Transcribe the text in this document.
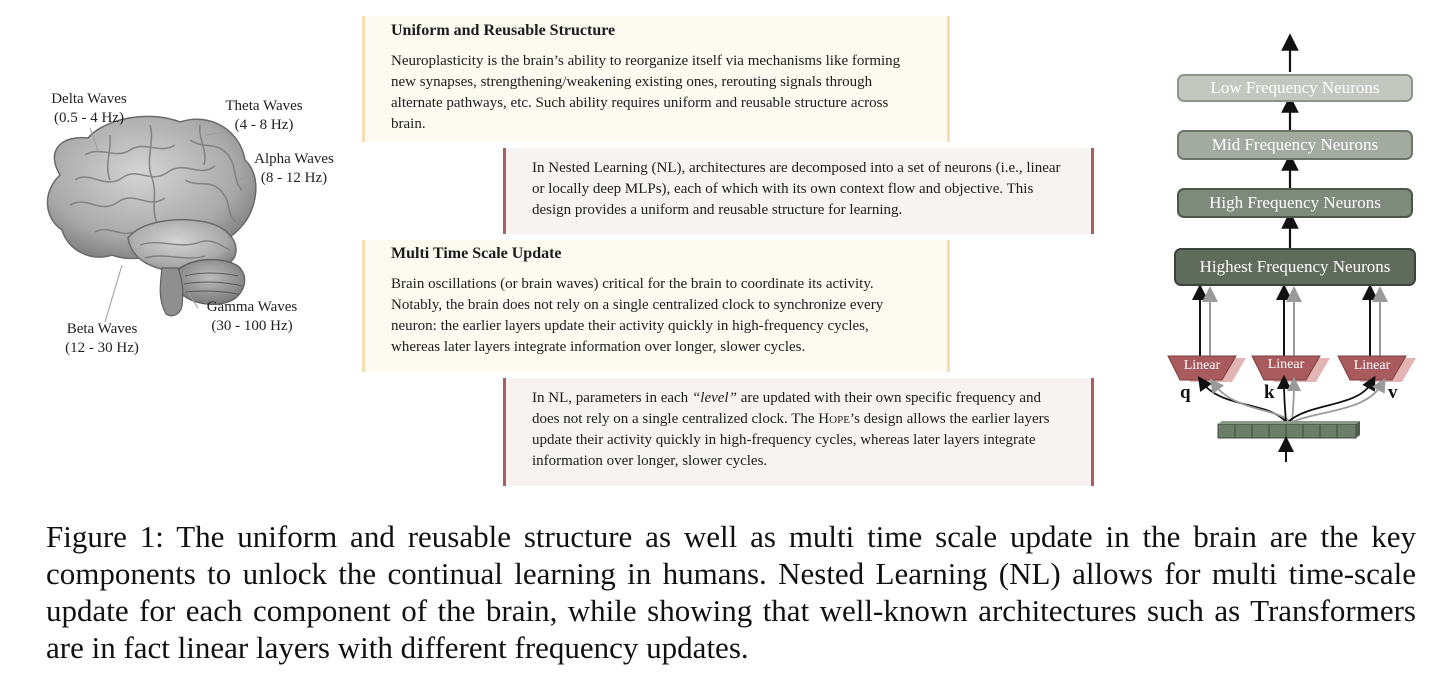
Delta Waves
(0.5 - 4 Hz)
Theta Waves
(4 - 8 Hz)
Alpha Waves
(8 - 12 Hz)
Beta Waves
(12 - 30 Hz)
Gamma Waves
(30 - 100 Hz)
Uniform and Reusable Structure

Neuroplasticity is the brain’s ability to reorganize itself via mechanisms like forming new synapses, strengthening/weakening existing ones, rerouting signals through alternate pathways, etc. Such ability requires uniform and reusable structure across brain.

In Nested Learning (NL), architectures are decomposed into a set of neurons (i.e., linear or locally deep MLPs), each of which with its own context flow and objective. This design provides a uniform and reusable structure for learning.

Multi Time Scale Update

Brain oscillations (or brain waves) critical for the brain to coordinate its activity. Notably, the brain does not rely on a single centralized clock to synchronize every neuron: the earlier layers update their activity quickly in high-frequency cycles, whereas later layers integrate information over longer, slower cycles.

In NL, parameters in each “level” are updated with their own specific frequency and does not rely on a single centralized clock. The Hope’s design allows the earlier layers update their activity quickly in high-frequency cycles, whereas later layers integrate information over longer, slower cycles.

Low Frequency Neurons
Mid Frequency Neurons
High Frequency Neurons
Highest Frequency Neurons
Linear	Linear	Linear
q	k	v
Figure 1: The uniform and reusable structure as well as multi time scale update in the brain are the key components to unlock the continual learning in humans. Nested Learning (NL) allows for multi time-scale update for each component of the brain, while showing that well-known architectures such as Transformers are in fact linear layers with different frequency updates.
